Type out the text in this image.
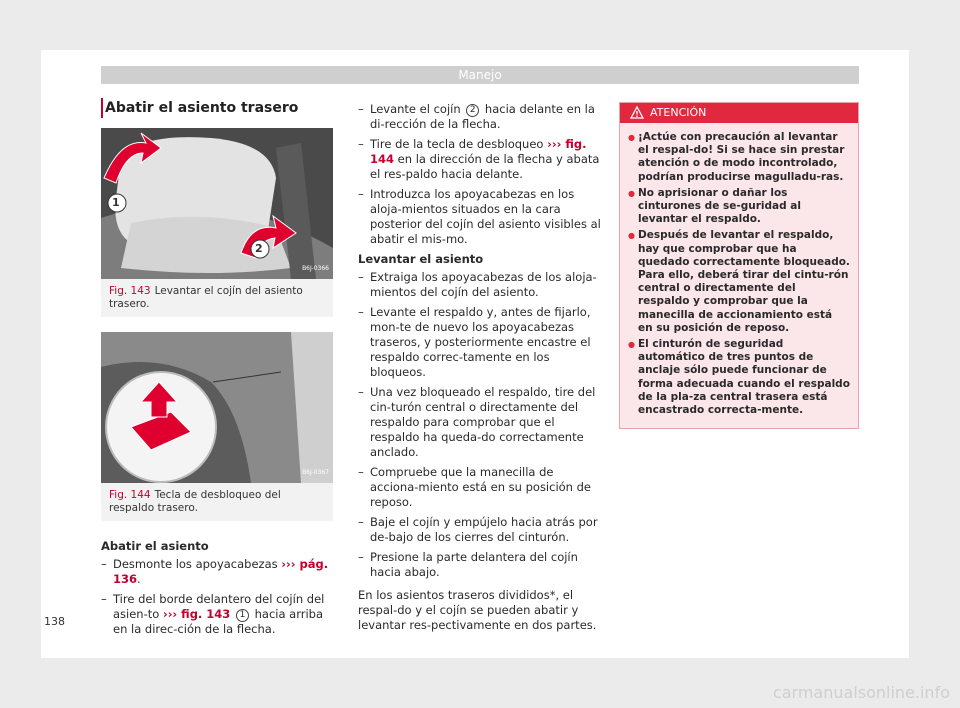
Manejo
Abatir el asiento trasero
1
2
B6J-0366
Fig. 143 Levantar el cojín del asiento trasero.
B6J-0367
Fig. 144 Tecla de desbloqueo del respaldo trasero.
Abatir el asiento
– Desmonte los apoyacabezas ››› pág. 136.
– Tire del borde delantero del cojín del asien-to ››› fig. 143 1 hacia arriba en la direc-ción de la flecha.
– Levante el cojín 2 hacia delante en la di-rección de la flecha.
– Tire de la tecla de desbloqueo ››› fig. 144 en la dirección de la flecha y abata el res-paldo hacia delante.
– Introduzca los apoyacabezas en los aloja-mientos situados en la cara posterior del cojín del asiento visibles al abatir el mis-mo.
Levantar el asiento
– Extraiga los apoyacabezas de los aloja-mientos del cojín del asiento.
– Levante el respaldo y, antes de fijarlo, mon-te de nuevo los apoyacabezas traseros, y posteriormente encastre el respaldo correc-tamente en los bloqueos.
– Una vez bloqueado el respaldo, tire del cin-turón central o directamente del respaldo para comprobar que el respaldo ha queda-do correctamente anclado.
– Compruebe que la manecilla de acciona-miento está en su posición de reposo.
– Baje el cojín y empújelo hacia atrás por de-bajo de los cierres del cinturón.
– Presione la parte delantera del cojín hacia abajo.
En los asientos traseros divididos*, el respal-do y el cojín se pueden abatir y levantar res-pectivamente en dos partes.
ATENCIÓN
● ¡Actúe con precaución al levantar el respal-do! Si se hace sin prestar atención o de modo incontrolado, podrían producirse magulladu-ras.
● No aprisionar o dañar los cinturones de se-guridad al levantar el respaldo.
● Después de levantar el respaldo, hay que comprobar que ha quedado correctamente bloqueado. Para ello, deberá tirar del cintu-rón central o directamente del respaldo y comprobar que la manecilla de accionamiento está en su posición de reposo.
● El cinturón de seguridad automático de tres puntos de anclaje sólo puede funcionar de forma adecuada cuando el respaldo de la pla-za central trasera está encastrado correcta-mente.
138
carmanualsonline.info
